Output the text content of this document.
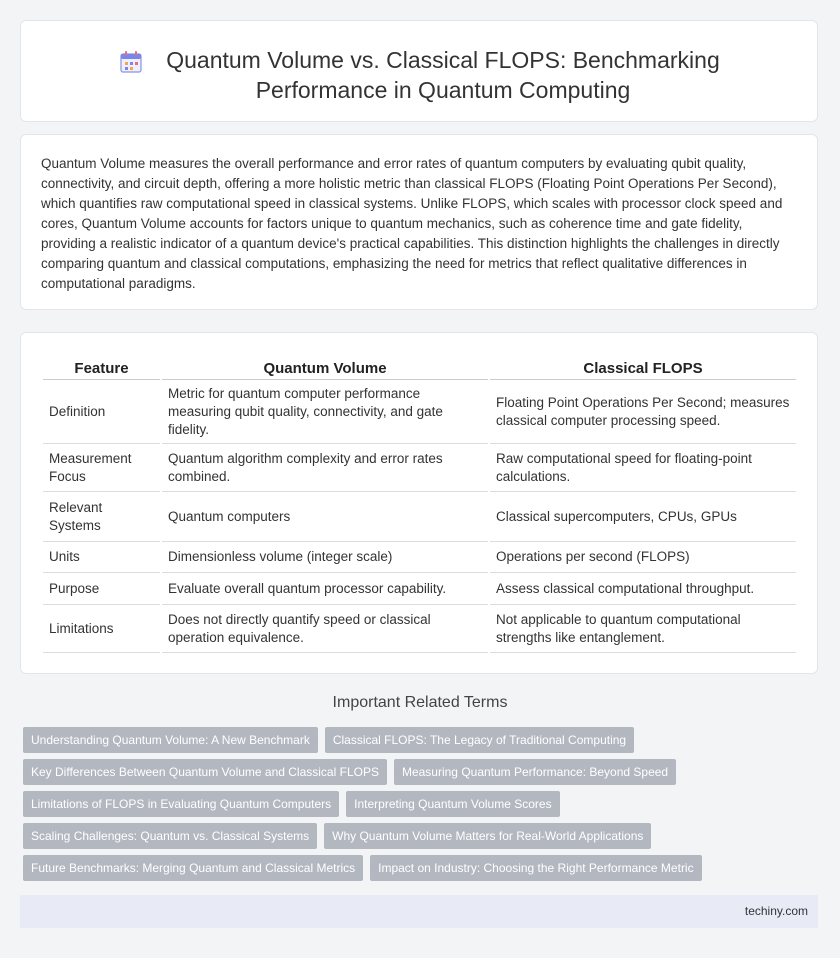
Quantum Volume vs. Classical FLOPS: Benchmarking
Performance in Quantum Computing

Quantum Volume measures the overall performance and error rates of quantum computers by evaluating qubit quality, connectivity, and circuit depth, offering a more holistic metric than classical FLOPS (Floating Point Operations Per Second), which quantifies raw computational speed in classical systems. Unlike FLOPS, which scales with processor clock speed and cores, Quantum Volume accounts for factors unique to quantum mechanics, such as coherence time and gate fidelity, providing a realistic indicator of a quantum device's practical capabilities. This distinction highlights the challenges in directly comparing quantum and classical computations, emphasizing the need for metrics that reflect qualitative differences in computational paradigms.

Feature	Quantum Volume	Classical FLOPS
Definition	Metric for quantum computer performance measuring qubit quality, connectivity, and gate fidelity.	Floating Point Operations Per Second; measures classical computer processing speed.
Measurement Focus	Quantum algorithm complexity and error rates combined.	Raw computational speed for floating-point calculations.
Relevant Systems	Quantum computers	Classical supercomputers, CPUs, GPUs
Units	Dimensionless volume (integer scale)	Operations per second (FLOPS)
Purpose	Evaluate overall quantum processor capability.	Assess classical computational throughput.
Limitations	Does not directly quantify speed or classical operation equivalence.	Not applicable to quantum computational strengths like entanglement.
Important Related Terms
Understanding Quantum Volume: A New Benchmark	Classical FLOPS: The Legacy of Traditional Computing
Key Differences Between Quantum Volume and Classical FLOPS	Measuring Quantum Performance: Beyond Speed
Limitations of FLOPS in Evaluating Quantum Computers	Interpreting Quantum Volume Scores
Scaling Challenges: Quantum vs. Classical Systems	Why Quantum Volume Matters for Real-World Applications
Future Benchmarks: Merging Quantum and Classical Metrics	Impact on Industry: Choosing the Right Performance Metric
techiny.com
